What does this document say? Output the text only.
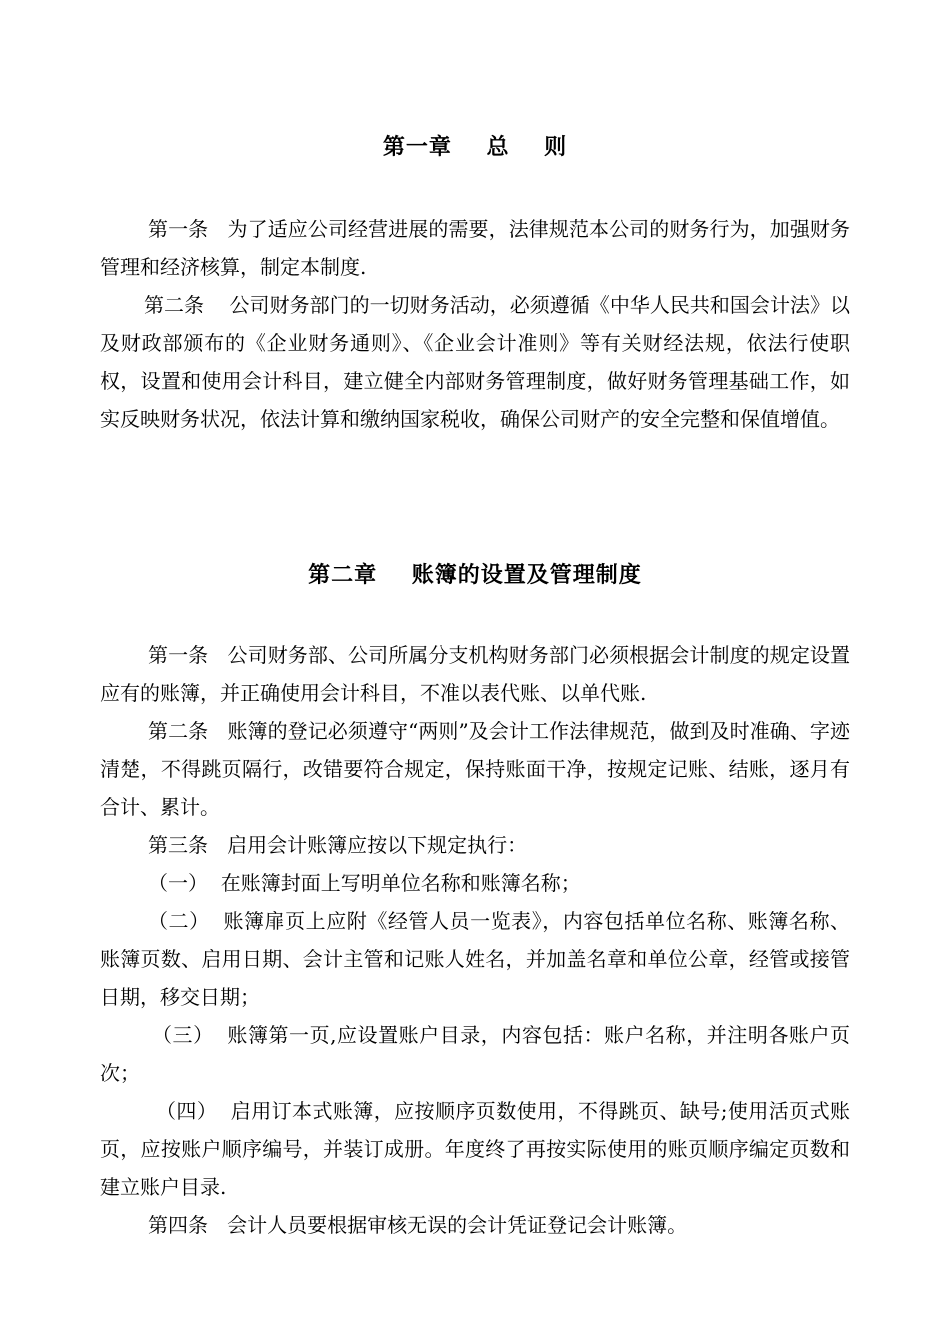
第一章    总    则

第一条   为了适应公司经营进展的需要，法律规范本公司的财务行为，加强财务管理和经济核算，制定本制度.

第二条    公司财务部门的一切财务活动，必须遵循《中华人民共和国会计法》以及财政部颁布的《企业财务通则》、《企业会计准则》等有关财经法规，依法行使职权，设置和使用会计科目，建立健全内部财务管理制度，做好财务管理基础工作，如实反映财务状况，依法计算和缴纳国家税收，确保公司财产的安全完整和保值增值。

第二章    账簿的设置及管理制度

第一条   公司财务部、公司所属分支机构财务部门必须根据会计制度的规定设置应有的账簿，并正确使用会计科目，不准以表代账、以单代账.

第二条   账簿的登记必须遵守“两则”及会计工作法律规范，做到及时准确、字迹清楚，不得跳页隔行，改错要符合规定，保持账面干净，按规定记账、结账，逐月有合计、累计。

第三条   启用会计账簿应按以下规定执行：

（一）  在账簿封面上写明单位名称和账簿名称；

（二）  账簿扉页上应附《经管人员一览表》，内容包括单位名称、账簿名称、账簿页数、启用日期、会计主管和记账人姓名，并加盖名章和单位公章，经管或接管日期，移交日期；

（三）  账簿第一页,应设置账户目录，内容包括：账户名称，并注明各账户页次；

（四）  启用订本式账簿，应按顺序页数使用，不得跳页、缺号;使用活页式账页，应按账户顺序编号，并装订成册。年度终了再按实际使用的账页顺序编定页数和建立账户目录.

第四条   会计人员要根据审核无误的会计凭证登记会计账簿。
